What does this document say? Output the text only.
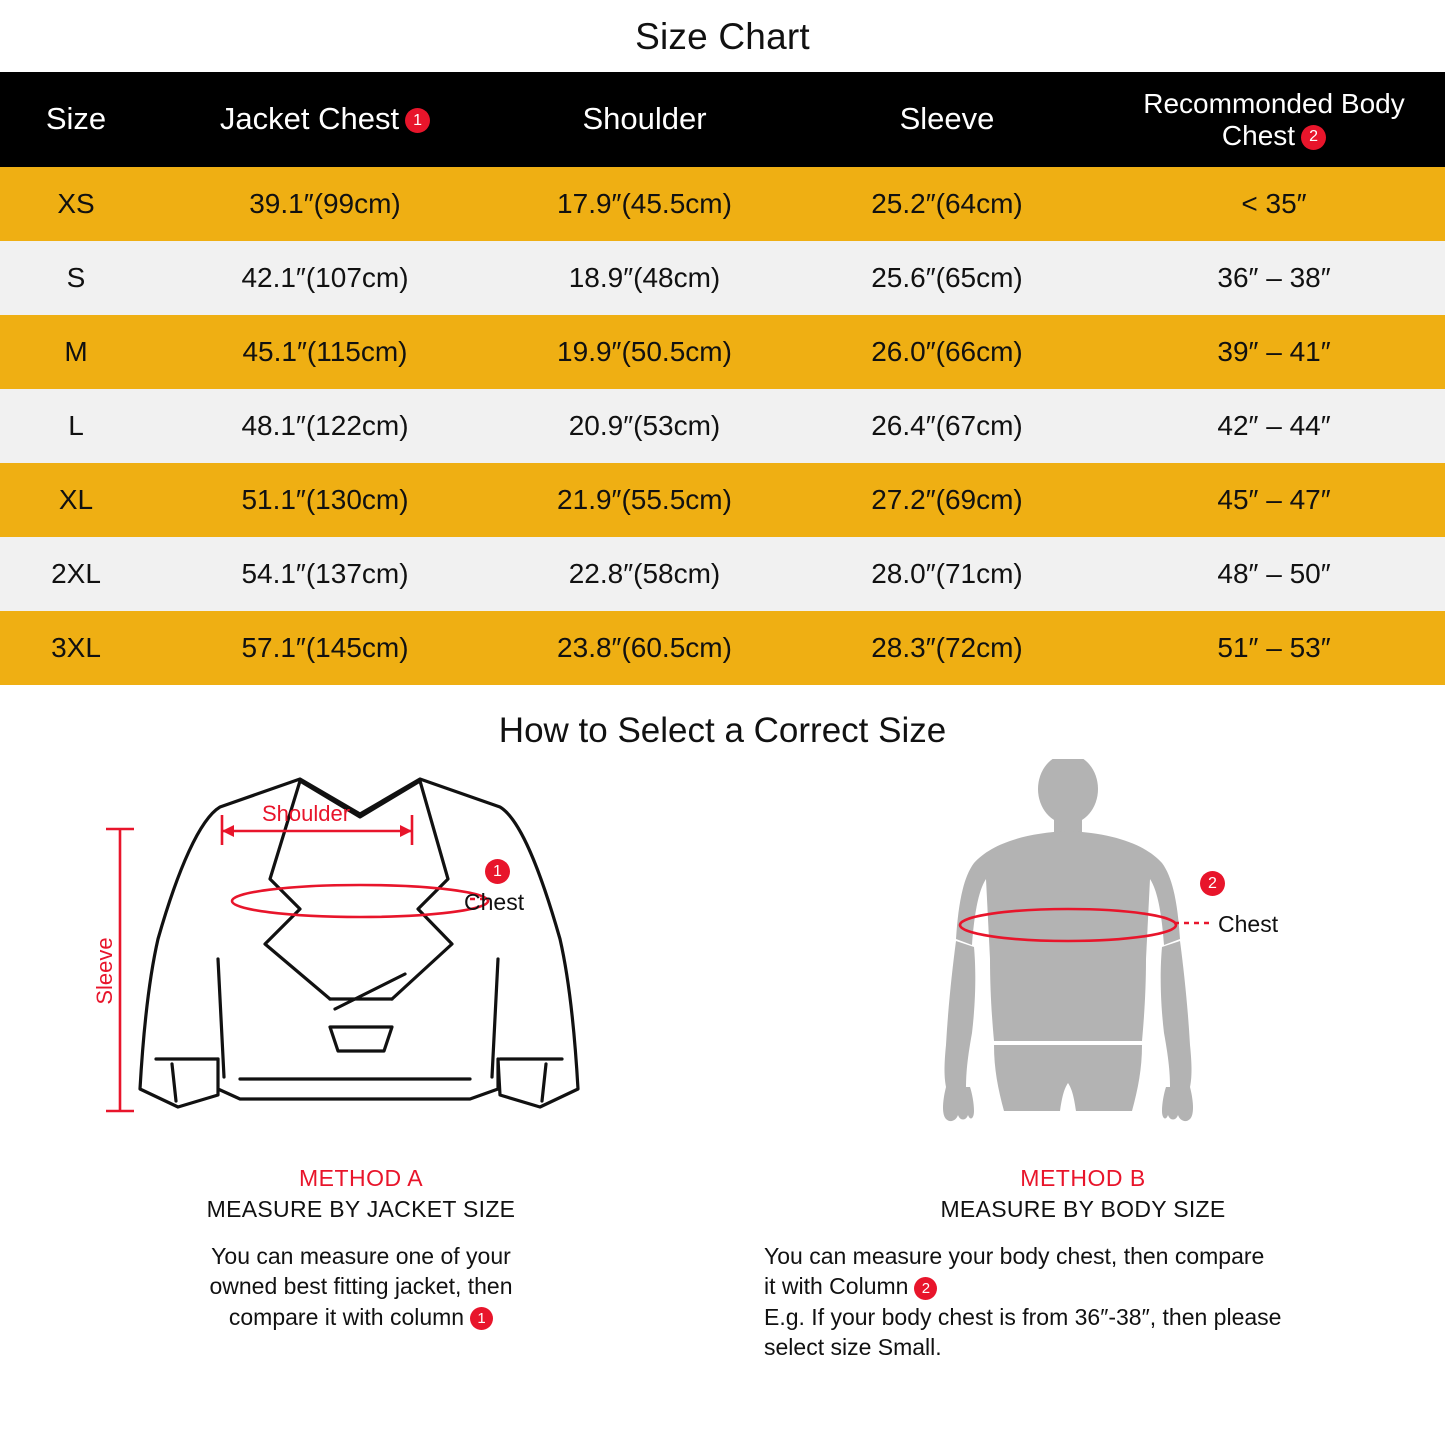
Size Chart
Size	Jacket Chest 1	Shoulder	Sleeve	Recommonded Body Chest 2
XS	39.1″(99cm)	17.9″(45.5cm)	25.2″(64cm)	< 35″
S	42.1″(107cm)	18.9″(48cm)	25.6″(65cm)	36″ – 38″
M	45.1″(115cm)	19.9″(50.5cm)	26.0″(66cm)	39″ – 41″
L	48.1″(122cm)	20.9″(53cm)	26.4″(67cm)	42″ – 44″
XL	51.1″(130cm)	21.9″(55.5cm)	27.2″(69cm)	45″ – 47″
2XL	54.1″(137cm)	22.8″(58cm)	28.0″(71cm)	48″ – 50″
3XL	57.1″(145cm)	23.8″(60.5cm)	28.3″(72cm)	51″ – 53″
How to Select a Correct Size
Shoulder
Sleeve
1
Chest
METHOD A
MEASURE BY JACKET SIZE
You can measure one of your
owned best fitting jacket, then
compare it with column 1
2
Chest
METHOD B
MEASURE BY BODY SIZE
You can measure your body chest, then compare
it with Column 2
E.g. If your body chest is from 36″-38″, then please
select size Small.
